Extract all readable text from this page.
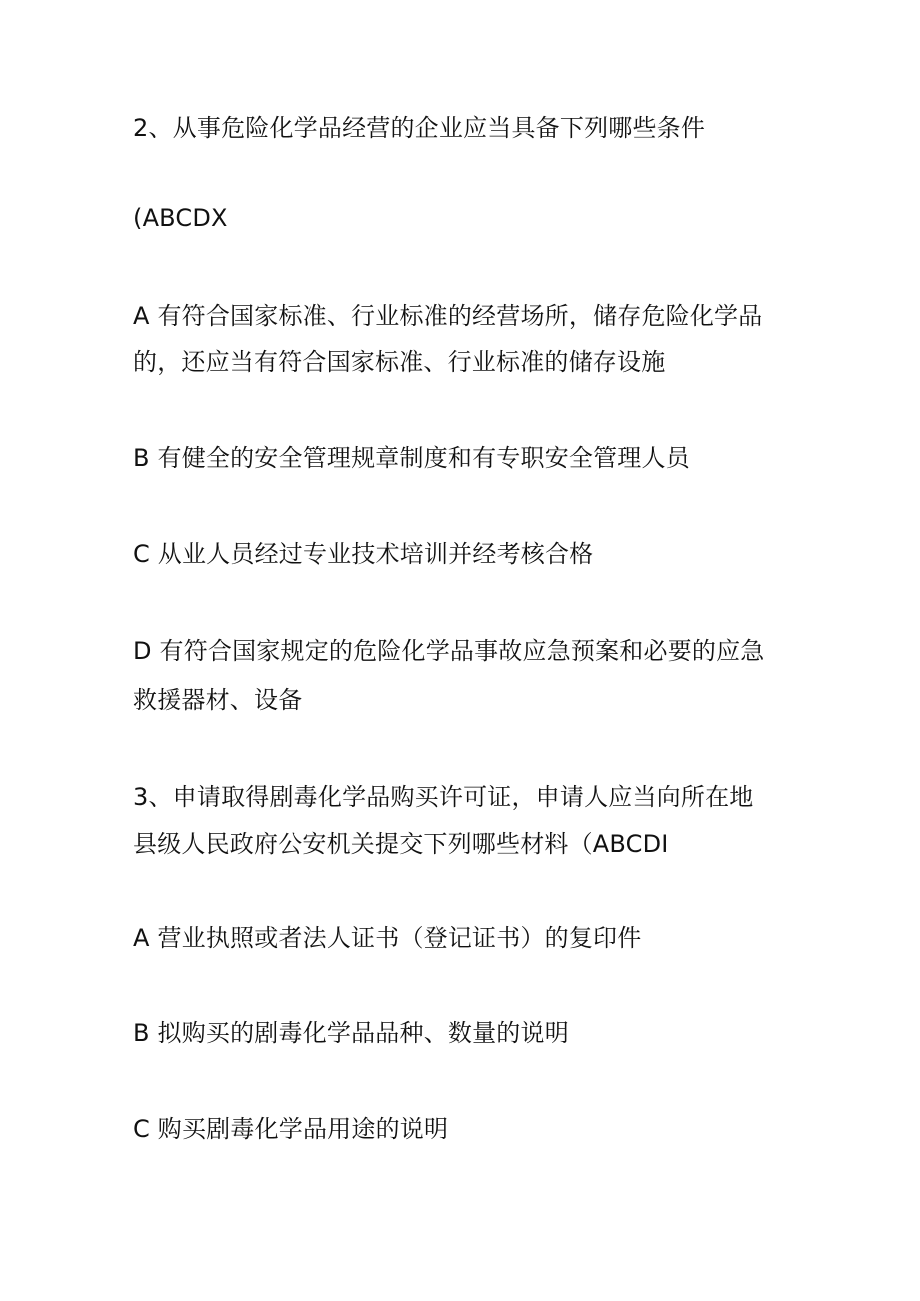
2、从事危险化学品经营的企业应当具备下列哪些条件
(ABCDX
A 有符合国家标准、行业标准的经营场所，储存危险化学品
的，还应当有符合国家标准、行业标准的储存设施
B 有健全的安全管理规章制度和有专职安全管理人员
C 从业人员经过专业技术培训并经考核合格
D 有符合国家规定的危险化学品事故应急预案和必要的应急
救援器材、设备
3、申请取得剧毒化学品购买许可证，申请人应当向所在地
县级人民政府公安机关提交下列哪些材料（ABCDI
A 营业执照或者法人证书（登记证书）的复印件
B 拟购买的剧毒化学品品种、数量的说明
C 购买剧毒化学品用途的说明
